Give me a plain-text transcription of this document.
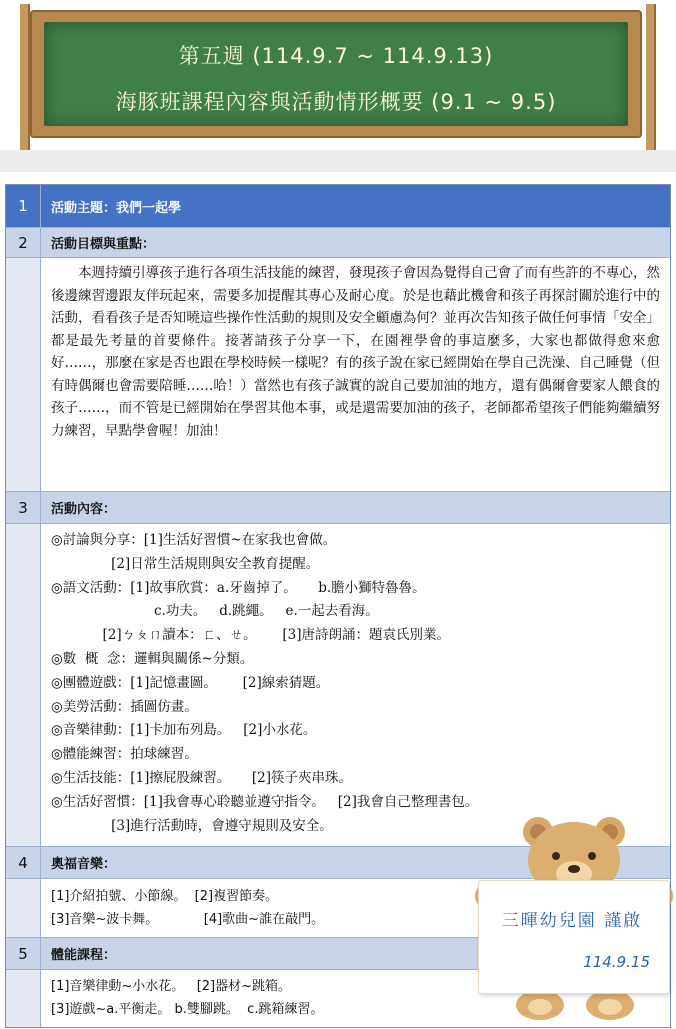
第五週 (114.9.7 ~ 114.9.13)
海豚班課程內容與活動情形概要 (9.1 ~ 9.5)
1	活動主題：我們一起學
2	活動目標與重點：

本週持續引導孩子進行各項生活技能的練習，發現孩子會因為覺得自己會了而有些許的不專心，然後邊練習邊跟友伴玩起來，需要多加提醒其專心及耐心度。於是也藉此機會和孩子再探討關於進行中的活動，看看孩子是否知曉這些操作性活動的規則及安全顧慮為何？並再次告知孩子做任何事情「安全」都是最先考量的首要條件。接著請孩子分享一下，在園裡學會的事這麼多，大家也都做得愈來愈好……，那麼在家是否也跟在學校時候一樣呢？有的孩子說在家已經開始在學自己洗澡、自己睡覺（但有時偶爾也會需要陪睡……哈！）當然也有孩子誠實的說自己要加油的地方，還有偶爾會要家人餵食的孩子……，而不管是已經開始在學習其他本事，或是還需要加油的孩子，老師都希望孩子們能夠繼續努力練習，早點學會喔！加油！

3	活動內容：
◎討論與分享：[1]生活好習慣~在家我也會做。
[2]日常生活規則與安全教育提醒。
◎語文活動：[1]故事欣賞：a.牙齒掉了。     b.膽小獅特魯魯。
c.功夫。   d.跳繩。   e.一起去看海。
[2]ㄅㄆㄇ讀本：ㄈ、ㄝ。      [3]唐詩朗誦：題袁氏別業。
◎數  概  念：邏輯與關係~分類。
◎團體遊戲：[1]記憶畫圖。      [2]線索猜題。
◎美勞活動：插圖仿畫。
◎音樂律動：[1]卡加布列島。   [2]小水花。
◎體能練習：拍球練習。
◎生活技能：[1]擦屁股練習。     [2]筷子夾串珠。
◎生活好習慣：[1]我會專心聆聽並遵守指令。   [2]我會自己整理書包。
[3]進行活動時，會遵守規則及安全。
4	奧福音樂：
[1]介紹拍號、小節線。  [2]複習節奏。
[3]音樂~波卡舞。           [4]歌曲~誰在敲門。
5	體能課程：
[1]音樂律動~小水花。   [2]器材~跳箱。
[3]遊戲~a.平衡走。 b.雙腳跳。  c.跳箱練習。
三暉幼兒園 謹啟
114.9.15
